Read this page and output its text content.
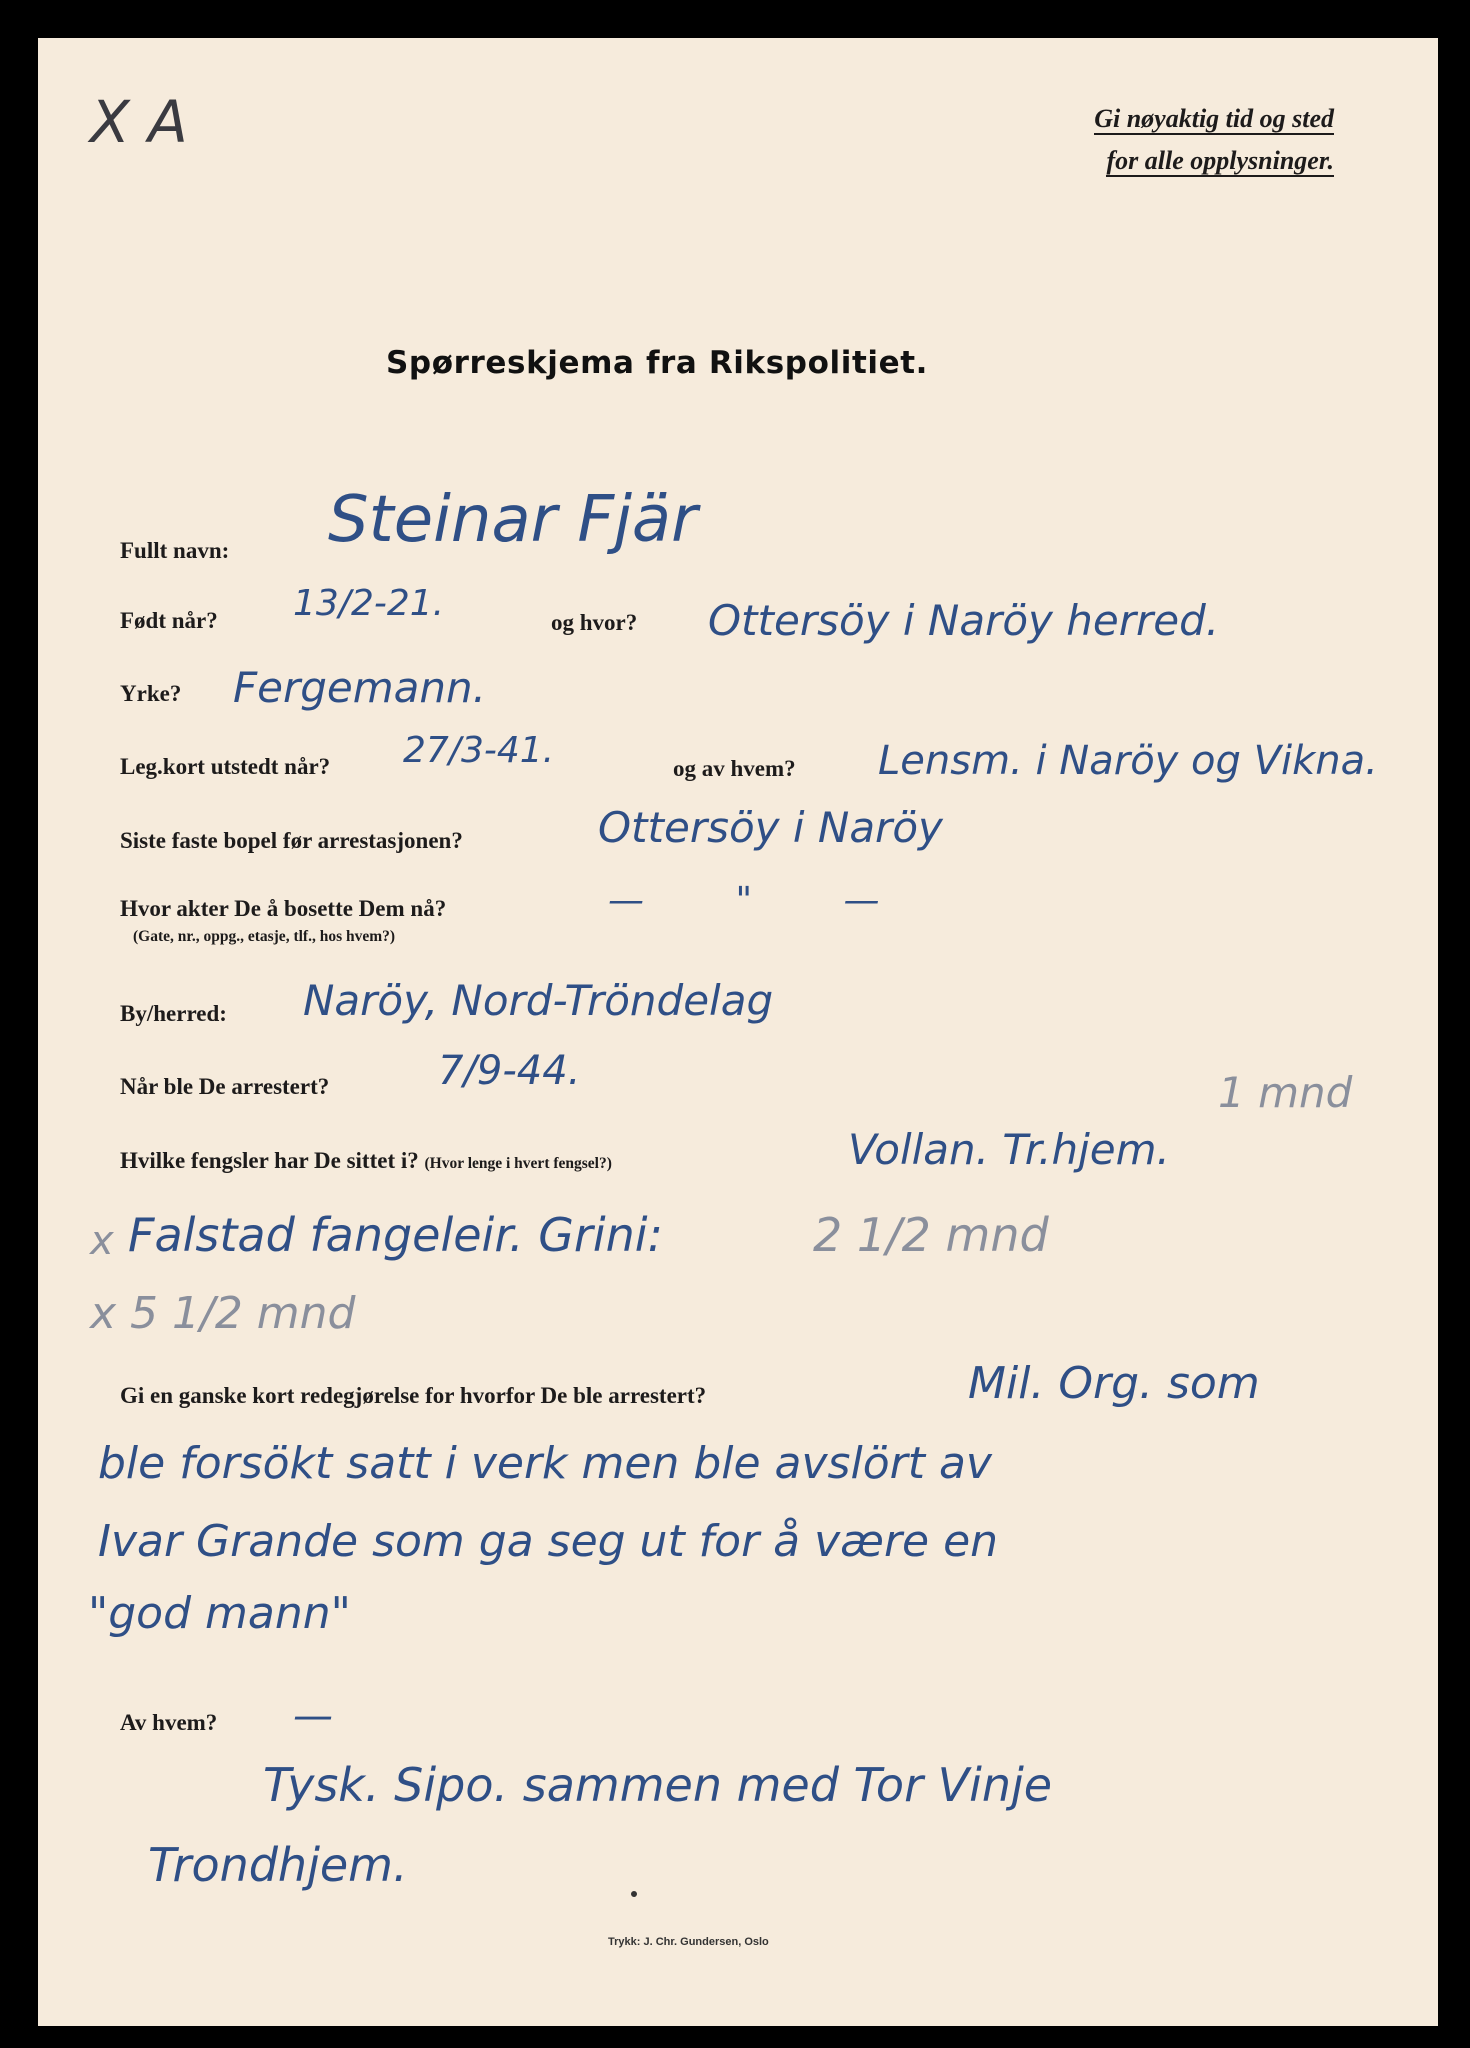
X A	Gi nøyaktig tid og sted
for alle opplysninger.
Spørreskjema fra Rikspolitiet.
Fullt navn: Steinar Fjär
Født når? 13/2-21.	og hvor? Ottersöy i Naröy herred.
Yrke? Fergemann.
Leg.kort utstedt når? 27/3-41.	og av hvem? Lensm. i Naröy og Vikna.
Siste faste bopel før arrestasjonen?	Ottersöy i Naröy
Hvor akter De å bosette Dem nå?
(Gate, nr., oppg., etasje, tlf., hos hvem?)
— " —
By/herred: Naröy, Nord-Tröndelag
Når ble De arrestert?	7/9-44.
Hvilke fengsler har De sittet i? (Hvor lenge i hvert fengsel?)	Vollan. Tr.hjem.
1 mnd
x Falstad fangeleir. Grini:	2 1/2 mnd
x 5 1/2 mnd
Gi en ganske kort redegjørelse for hvorfor De ble arrestert?	Mil. Org. som
ble forsökt satt i verk men ble avslört av
Ivar Grande som ga seg ut for å være en
"god mann"
Av hvem? —
Tysk. Sipo. sammen med Tor Vinje
Trondhjem.
Trykk: J. Chr. Gundersen, Oslo
